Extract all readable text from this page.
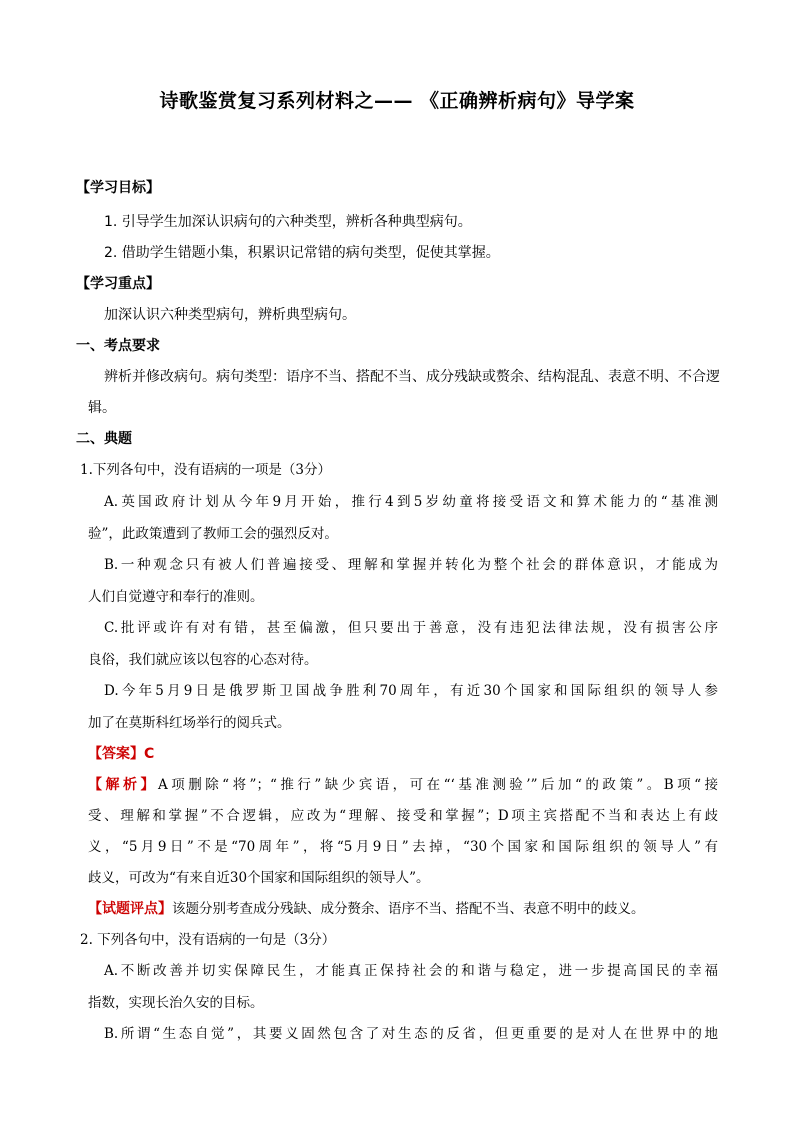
诗歌鉴赏复习系列材料之—— 《正确辨析病句》导学案
【学习目标】
1. 引导学生加深认识病句的六种类型，辨析各种典型病句。
2. 借助学生错题小集，积累识记常错的病句类型，促使其掌握。
【学习重点】
加深认识六种类型病句，辨析典型病句。
一、考点要求
辨析并修改病句。病句类型：语序不当、搭配不当、成分残缺或赘余、结构混乱、表意不明、不合逻
辑。
二、典题
1.下列各句中，没有语病的一项是（3分）
A.英国政府计划从今年9月开始，推行4到5岁幼童将接受语文和算术能力的“基准测
验”，此政策遭到了教师工会的强烈反对。
B.一种观念只有被人们普遍接受、理解和掌握并转化为整个社会的群体意识，才能成为
人们自觉遵守和奉行的准则。
C.批评或许有对有错，甚至偏激，但只要出于善意，没有违犯法律法规，没有损害公序
良俗，我们就应该以包容的心态对待。
D.今年5月9日是俄罗斯卫国战争胜利70周年，有近30个国家和国际组织的领导人参
加了在莫斯科红场举行的阅兵式。
【答案】C
【解析】A项删除“将”；“推行”缺少宾语，可在“‘基准测验’”后加“的政策”。B项“接
受、理解和掌握”不合逻辑，应改为“理解、接受和掌握”；D项主宾搭配不当和表达上有歧
义，“5月9日”不是“70周年”，将“5月9日”去掉，“30个国家和国际组织的领导人”有
歧义，可改为“有来自近30个国家和国际组织的领导人”。
【试题评点】该题分别考查成分残缺、成分赘余、语序不当、搭配不当、表意不明中的歧义。
2. 下列各句中，没有语病的一句是（3分）
A.不断改善并切实保障民生，才能真正保持社会的和谐与稳定，进一步提高国民的幸福
指数，实现长治久安的目标。
B.所谓“生态自觉”，其要义固然包含了对生态的反省，但更重要的是对人在世界中的地
